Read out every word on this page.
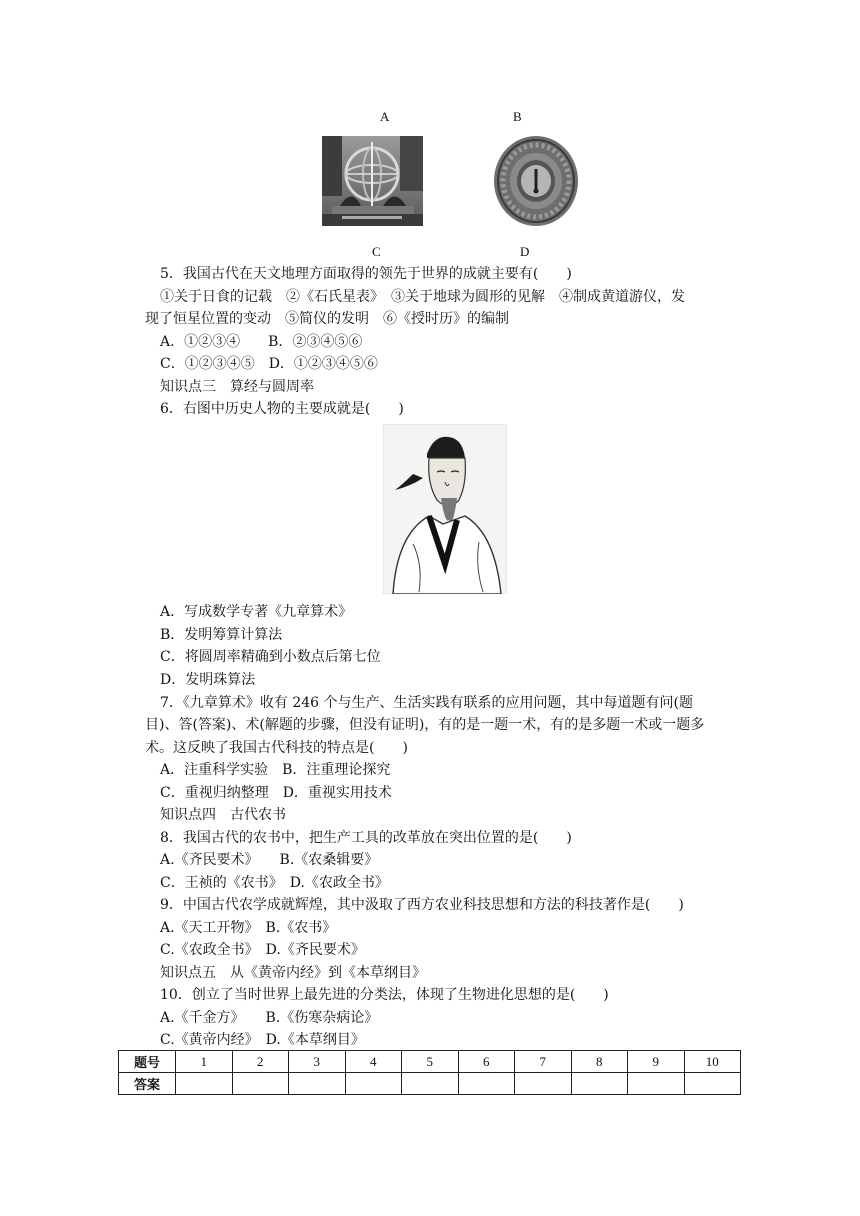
A	B
C	D
5．我国古代在天文地理方面取得的领先于世界的成就主要有(　　)
①关于日食的记载　②《石氏星表》　③关于地球为圆形的见解　④制成黄道游仪，发
现了恒星位置的变动　⑤简仪的发明　⑥《授时历》的编制
A．①②③④　　B．②③④⑤⑥
C．①②③④⑤　D．①②③④⑤⑥
知识点三　算经与圆周率
6．右图中历史人物的主要成就是(　　)
A．写成数学专著《九章算术》
B．发明筹算计算法
C．将圆周率精确到小数点后第七位
D．发明珠算法
7．《九章算术》收有 246 个与生产、生活实践有联系的应用问题，其中每道题有问(题
目)、答(答案)、术(解题的步骤，但没有证明)，有的是一题一术，有的是多题一术或一题多
术。这反映了我国古代科技的特点是(　　)
A．注重科学实验　B．注重理论探究
C．重视归纳整理　D．重视实用技术
知识点四　古代农书
8．我国古代的农书中，把生产工具的改革放在突出位置的是(　　)
A.《齐民要术》　　B.《农桑辑要》
C．王祯的《农书》　D.《农政全书》
9．中国古代农学成就辉煌，其中汲取了西方农业科技思想和方法的科技著作是(　　)
A.《天工开物》　B.《农书》
C.《农政全书》　D.《齐民要术》
知识点五　从《黄帝内经》到《本草纲目》
10．创立了当时世界上最先进的分类法，体现了生物进化思想的是(　　)
A.《千金方》　　B.《伤寒杂病论》
C.《黄帝内经》　D.《本草纲目》
题号	1	2	3	4	5	6	7	8	9	10
答案										
